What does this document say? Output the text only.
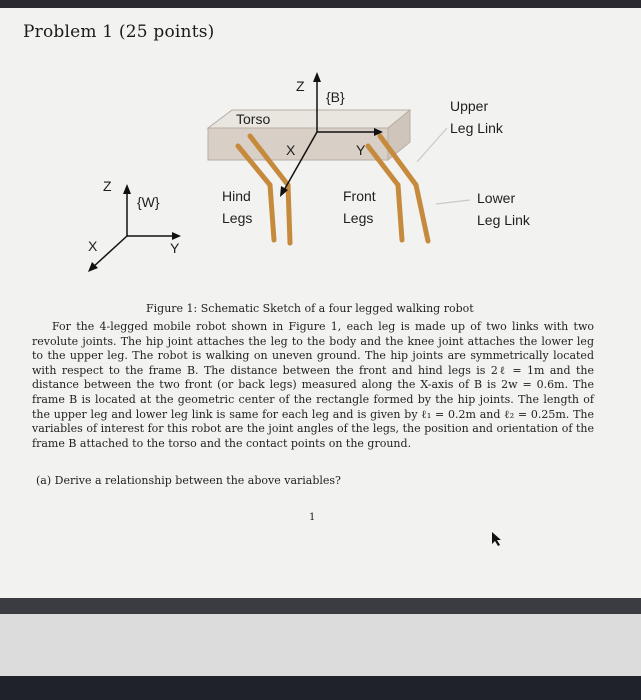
Problem 1 (25 points)
Z
{B}
Torso
X	Y
Upper
Leg Link
Hind
Legs
Front
Legs
Lower
Leg Link
Z
{W}
X	Y
Figure 1: Schematic Sketch of a four legged walking robot

For the 4-legged mobile robot shown in Figure 1, each leg is made up of two links with two revolute joints. The hip joint attaches the leg to the body and the knee joint attaches the lower leg to the upper leg. The robot is walking on uneven ground. The hip joints are symmetrically located with respect to the frame B. The distance between the front and hind legs is 2ℓ = 1m and the distance between the two front (or back legs) measured along the X-axis of B is 2w = 0.6m. The frame B is located at the geometric center of the rectangle formed by the hip joints. The length of the upper leg and lower leg link is same for each leg and is given by ℓ₁ = 0.2m and ℓ₂ = 0.25m. The variables of interest for this robot are the joint angles of the legs, the position and orientation of the frame B attached to the torso and the contact points on the ground.

(a) Derive a relationship between the above variables?
1
